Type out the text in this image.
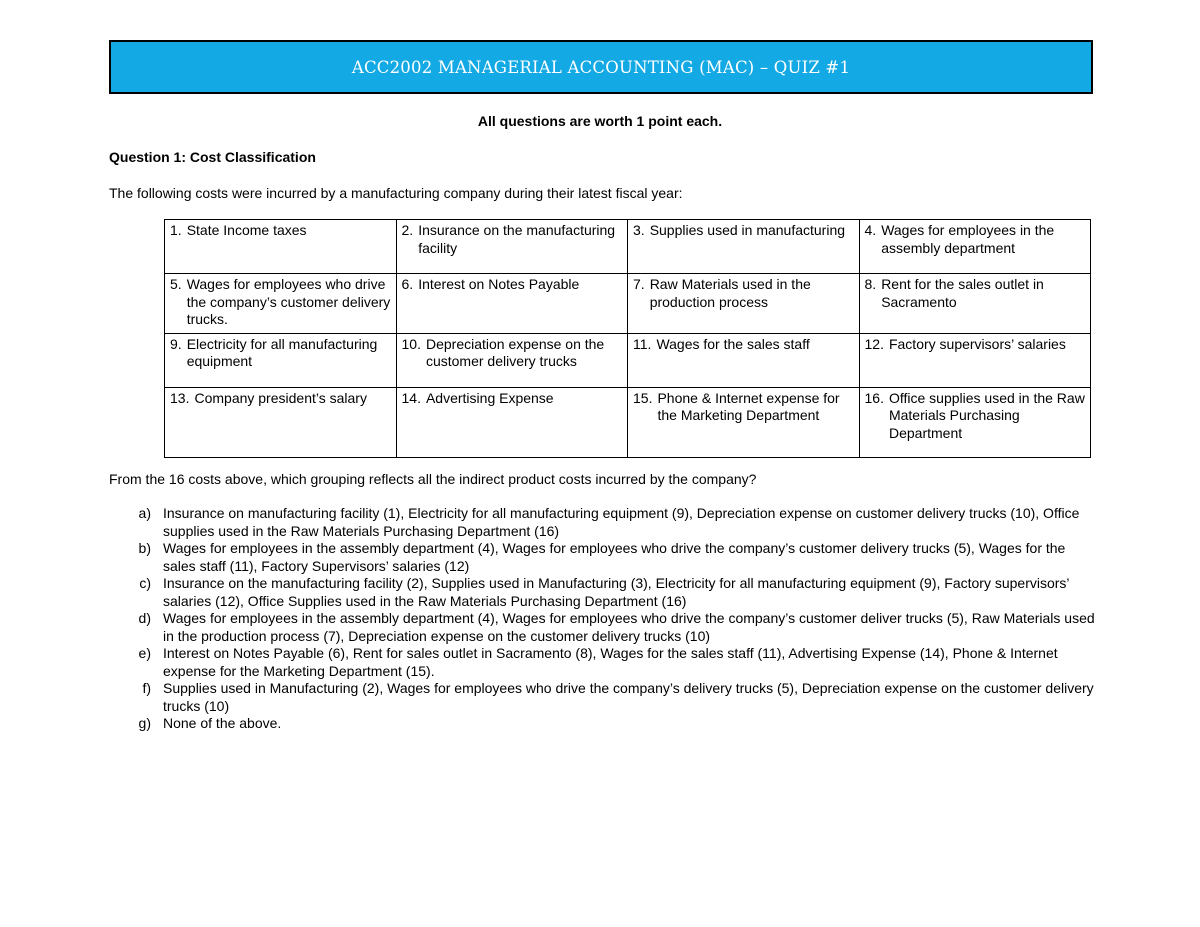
ACC2002 MANAGERIAL ACCOUNTING (MAC) – QUIZ #1
All questions are worth 1 point each.
Question 1: Cost Classification
The following costs were incurred by a manufacturing company during their latest fiscal year:
1. State Income taxes	2. Insurance on the manufacturing facility	3. Supplies used in manufacturing	4. Wages for employees in the assembly department

5. Wages for employees who drive the company’s customer delivery trucks.	6. Interest on Notes Payable	7. Raw Materials used in the production process	8. Rent for the sales outlet in Sacramento

9. Electricity for all manufacturing equipment	10. Depreciation expense on the customer delivery trucks	11. Wages for the sales staff	12. Factory supervisors’ salaries

13. Company president’s salary	14. Advertising Expense	15. Phone & Internet expense for the Marketing Department	16. Office supplies used in the Raw Materials Purchasing Department
From the 16 costs above, which grouping reflects all the indirect product costs incurred by the company?
a) Insurance on manufacturing facility (1), Electricity for all manufacturing equipment (9), Depreciation expense on customer delivery trucks (10), Office supplies used in the Raw Materials Purchasing Department (16)
b) Wages for employees in the assembly department (4), Wages for employees who drive the company’s customer delivery trucks (5), Wages for the sales staff (11), Factory Supervisors’ salaries (12)
c) Insurance on the manufacturing facility (2), Supplies used in Manufacturing (3), Electricity for all manufacturing equipment (9), Factory supervisors’ salaries (12), Office Supplies used in the Raw Materials Purchasing Department (16)
d) Wages for employees in the assembly department (4), Wages for employees who drive the company’s customer deliver trucks (5), Raw Materials used in the production process (7), Depreciation expense on the customer delivery trucks (10)
e) Interest on Notes Payable (6), Rent for sales outlet in Sacramento (8), Wages for the sales staff (11), Advertising Expense (14), Phone & Internet expense for the Marketing Department (15).
f) Supplies used in Manufacturing (2), Wages for employees who drive the company’s delivery trucks (5), Depreciation expense on the customer delivery trucks (10)
g) None of the above.
